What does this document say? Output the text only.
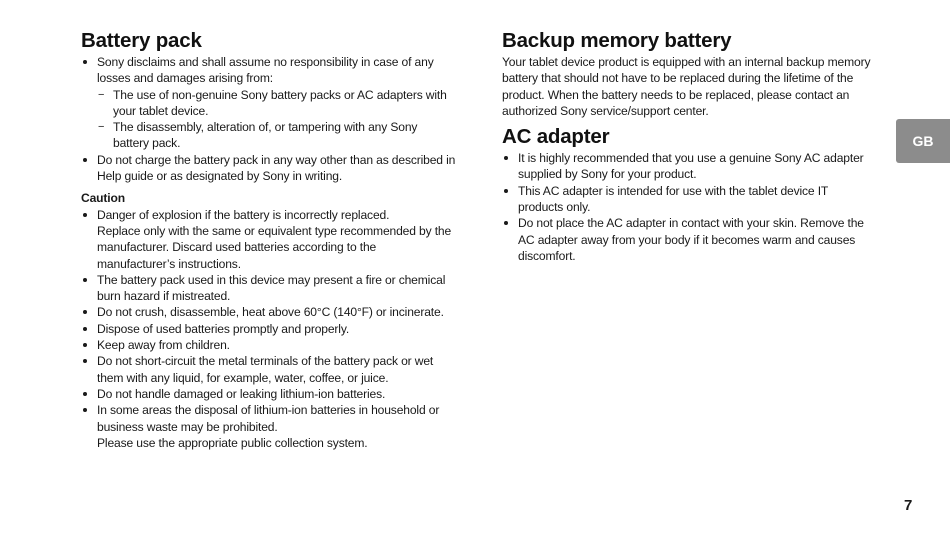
Battery pack
Sony disclaims and shall assume no responsibility in case of any losses and damages arising from:
− The use of non-genuine Sony battery packs or AC adapters with your tablet device.
− The disassembly, alteration of, or tampering with any Sony battery pack.
Do not charge the battery pack in any way other than as described in Help guide or as designated by Sony in writing.
Caution
Danger of explosion if the battery is incorrectly replaced.
Replace only with the same or equivalent type recommended by the manufacturer. Discard used batteries according to the manufacturer’s instructions.
The battery pack used in this device may present a fire or chemical burn hazard if mistreated.
Do not crush, disassemble, heat above 60°C (140°F) or incinerate.
Dispose of used batteries promptly and properly.
Keep away from children.
Do not short-circuit the metal terminals of the battery pack or wet them with any liquid, for example, water, coffee, or juice.
Do not handle damaged or leaking lithium-ion batteries.
In some areas the disposal of lithium-ion batteries in household or business waste may be prohibited.
Please use the appropriate public collection system.
Backup memory battery
Your tablet device product is equipped with an internal backup memory battery that should not have to be replaced during the lifetime of the product. When the battery needs to be replaced, please contact an authorized Sony service/support center.
AC adapter
It is highly recommended that you use a genuine Sony AC adapter supplied by Sony for your product.
This AC adapter is intended for use with the tablet device IT products only.
Do not place the AC adapter in contact with your skin. Remove the AC adapter away from your body if it becomes warm and causes discomfort.
GB
7
